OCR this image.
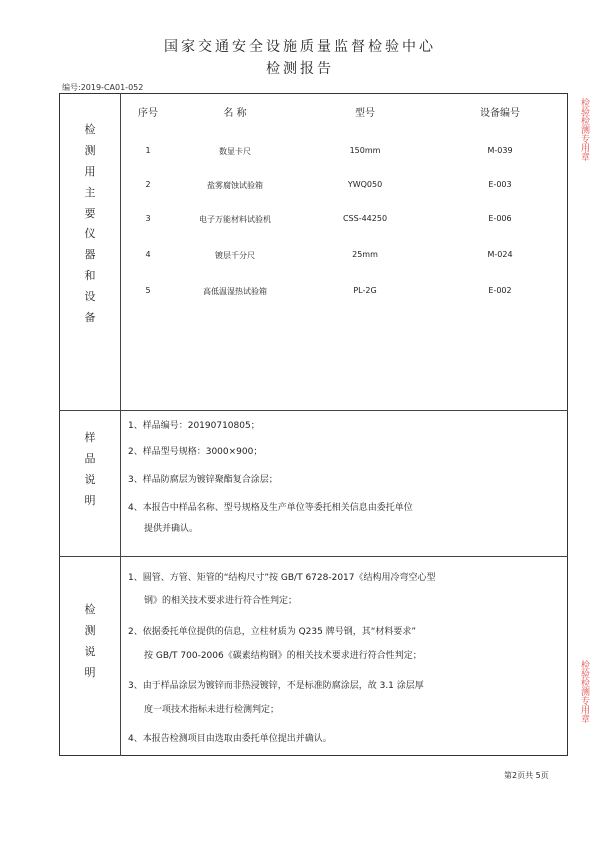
国家交通安全设施质量监督检验中心
检测报告
编号:2019-CA01-052
检
测
用
主
要
仪
器
和
设
备
序号	名 称	型号	设备编号
1	数显卡尺	150mm	M-039
2	盐雾腐蚀试验箱	YWQ050	E-003
3	电子万能材料试验机	CSS-44250	E-006
4	镀层千分尺	25mm	M-024
5	高低温湿热试验箱	PL-2G	E-002
样
品
说
明
1、样品编号：20190710805；
2、样品型号规格：3000×900；
3、样品防腐层为镀锌聚酯复合涂层；
4、本报告中样品名称、型号规格及生产单位等委托相关信息由委托单位
提供并确认。
检
测
说
明
1、圆管、方管、矩管的“结构尺寸”按 GB/T 6728-2017《结构用冷弯空心型
钢》的相关技术要求进行符合性判定；
2、依据委托单位提供的信息，立柱材质为 Q235 牌号钢，其“材料要求”
按 GB/T 700-2006《碳素结构钢》的相关技术要求进行符合性判定；
3、由于样品涂层为镀锌而非热浸镀锌，不是标准防腐涂层，故 3.1 涂层厚
度一项技术指标未进行检测判定；
4、本报告检测项目由选取由委托单位提出并确认。
第2页共 5页
检验检测专用章
检验检测专用章
